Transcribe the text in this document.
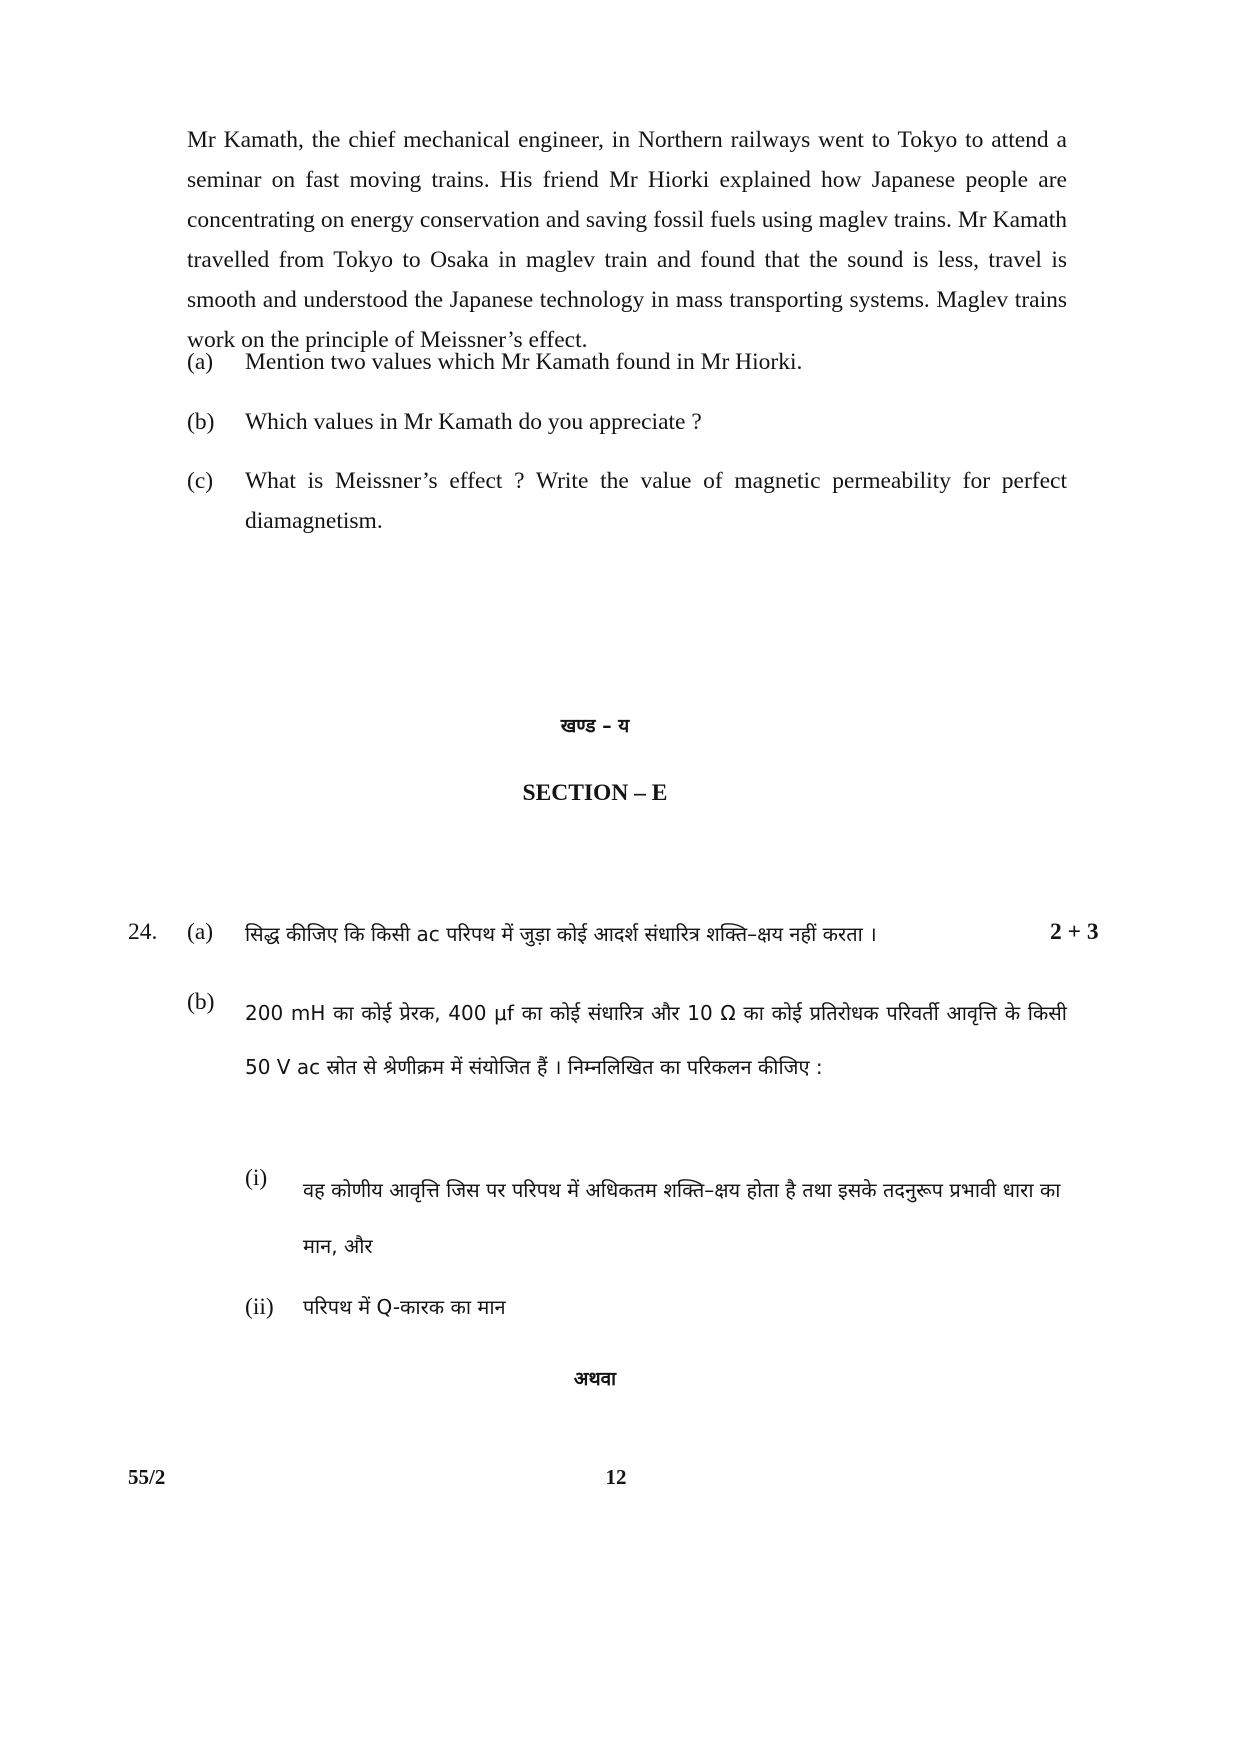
Mr Kamath, the chief mechanical engineer, in Northern railways went to Tokyo to attend a seminar on fast moving trains. His friend Mr Hiorki explained how Japanese people are concentrating on energy conservation and saving fossil fuels using maglev trains. Mr Kamath travelled from Tokyo to Osaka in maglev train and found that the sound is less, travel is smooth and understood the Japanese technology in mass transporting systems. Maglev trains work on the principle of Meissner’s effect.
(a) Mention two values which Mr Kamath found in Mr Hiorki.
(b) Which values in Mr Kamath do you appreciate ?
(c) What is Meissner’s effect ? Write the value of magnetic permeability for perfect diamagnetism.
खण्ड – य
SECTION – E
24. (a) सिद्ध कीजिए कि किसी ac परिपथ में जुड़ा कोई आदर्श संधारित्र शक्ति–क्षय नहीं करता ।	2 + 3
(b) 200 mH का कोई प्रेरक, 400 μf का कोई संधारित्र और 10 Ω का कोई प्रतिरोधक परिवर्ती आवृत्ति के किसी 50 V ac स्रोत से श्रेणीक्रम में संयोजित हैं । निम्नलिखित का परिकलन कीजिए :
(i) वह कोणीय आवृत्ति जिस पर परिपथ में अधिकतम शक्ति–क्षय होता है तथा इसके तदनुरूप प्रभावी धारा का मान, और
(ii) परिपथ में Q-कारक का मान
अथवा
55/2	12
